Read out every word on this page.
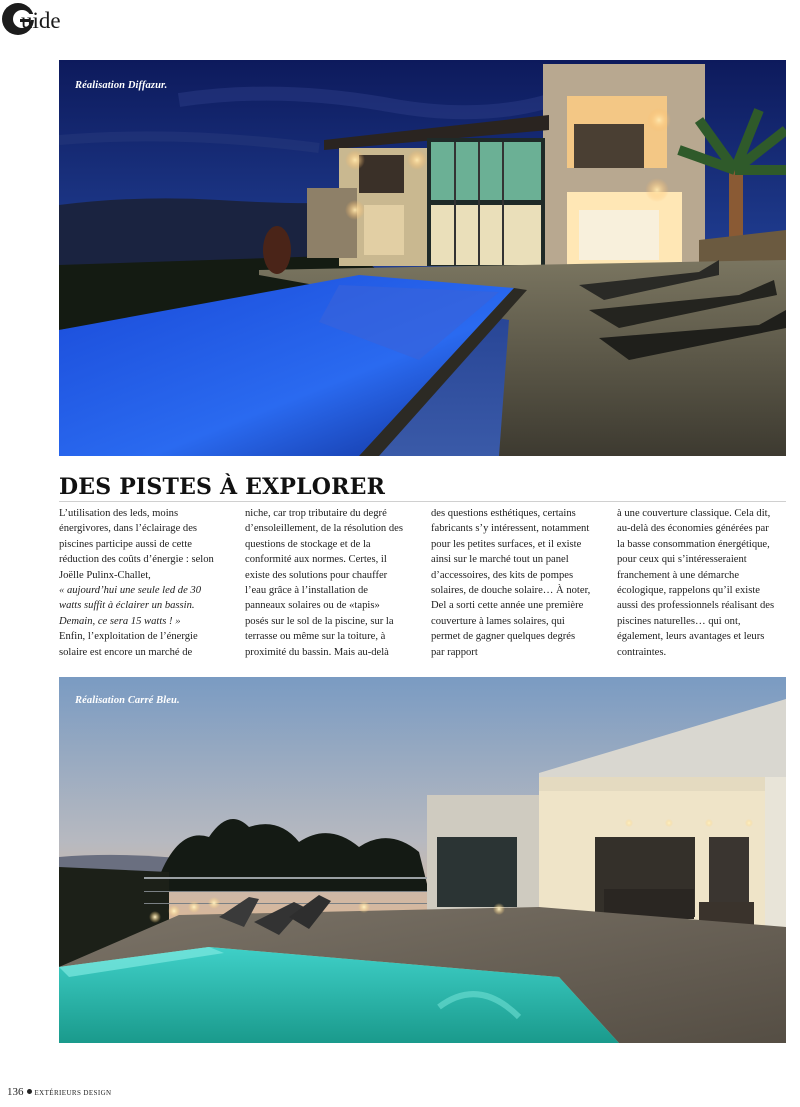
uide
Réalisation Diffazur.
DES PISTES À EXPLORER

L’utilisation des leds, moins énergivores, dans l’éclairage des piscines participe aussi de cette réduction des coûts d’énergie : selon Joëlle Pulinx-Challet,

« aujourd’hui une seule led de 30 watts suffit à éclairer un bassin. Demain, ce sera 15 watts ! »

Enfin, l’exploitation de l’énergie solaire est encore un marché de

niche, car trop tributaire du degré d’ensoleillement, de la résolution des questions de stockage et de la conformité aux normes. Certes, il existe des solutions pour chauffer l’eau grâce à l’installation de panneaux solaires ou de «tapis» posés sur le sol de la piscine, sur la terrasse ou même sur la toiture, à proximité du bassin. Mais au-delà

des questions esthétiques, certains fabricants s’y intéressent, notamment pour les petites surfaces, et il existe ainsi sur le marché tout un panel d’accessoires, des kits de pompes solaires, de douche solaire… À noter, Del a sorti cette année une première couverture à lames solaires, qui permet de gagner quelques degrés par rapport

à une couverture classique. Cela dit, au-delà des économies générées par la basse consommation énergétique, pour ceux qui s’intéresseraient franchement à une démarche écologique, rappelons qu’il existe aussi des professionnels réalisant des piscines naturelles… qui ont, également, leurs avantages et leurs contraintes.

Réalisation Carré Bleu.
136 EXTÉRIEURS DESIGN
